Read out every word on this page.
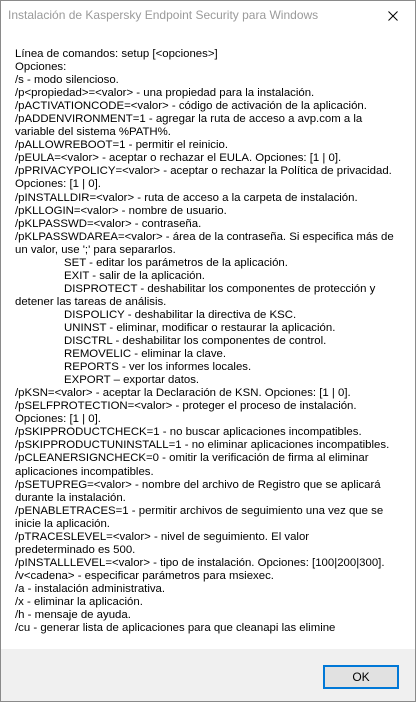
Instalación de Kaspersky Endpoint Security para Windows
Línea de comandos: setup [<opciones>]
Opciones:
/s - modo silencioso.
/p<propiedad>=<valor> - una propiedad para la instalación.
/pACTIVATIONCODE=<valor> - código de activación de la aplicación.
/pADDENVIRONMENT=1 - agregar la ruta de acceso a avp.com a la
variable del sistema %PATH%.
/pALLOWREBOOT=1 - permitir el reinicio.
/pEULA=<valor> - aceptar o rechazar el EULA. Opciones: [1 | 0].
/pPRIVACYPOLICY=<valor> - aceptar o rechazar la Política de privacidad.
Opciones: [1 | 0].
/pINSTALLDIR=<valor> - ruta de acceso a la carpeta de instalación.
/pKLLOGIN=<valor> - nombre de usuario.
/pKLPASSWD=<valor> - contraseña.
/pKLPASSWDAREA=<valor> - área de la contraseña. Si especifica más de
un valor, use ';' para separarlos.
SET - editar los parámetros de la aplicación.
EXIT - salir de la aplicación.
DISPROTECT - deshabilitar los componentes de protección y
detener las tareas de análisis.
DISPOLICY - deshabilitar la directiva de KSC.
UNINST - eliminar, modificar o restaurar la aplicación.
DISCTRL - deshabilitar los componentes de control.
REMOVELIC - eliminar la clave.
REPORTS - ver los informes locales.
EXPORT – exportar datos.
/pKSN=<valor> - aceptar la Declaración de KSN. Opciones: [1 | 0].
/pSELFPROTECTION=<valor> - proteger el proceso de instalación.
Opciones: [1 | 0].
/pSKIPPRODUCTCHECK=1 - no buscar aplicaciones incompatibles.
/pSKIPPRODUCTUNINSTALL=1 - no eliminar aplicaciones incompatibles.
/pCLEANERSIGNCHECK=0 - omitir la verificación de firma al eliminar
aplicaciones incompatibles.
/pSETUPREG=<valor> - nombre del archivo de Registro que se aplicará
durante la instalación.
/pENABLETRACES=1 - permitir archivos de seguimiento una vez que se
inicie la aplicación.
/pTRACESLEVEL=<valor> - nivel de seguimiento. El valor
predeterminado es 500.
/pINSTALLLEVEL=<valor> - tipo de instalación. Opciones: [100|200|300].
/v<cadena> - especificar parámetros para msiexec.
/a - instalación administrativa.
/x - eliminar la aplicación.
/h - mensaje de ayuda.
/cu - generar lista de aplicaciones para que cleanapi las elimine
OK
